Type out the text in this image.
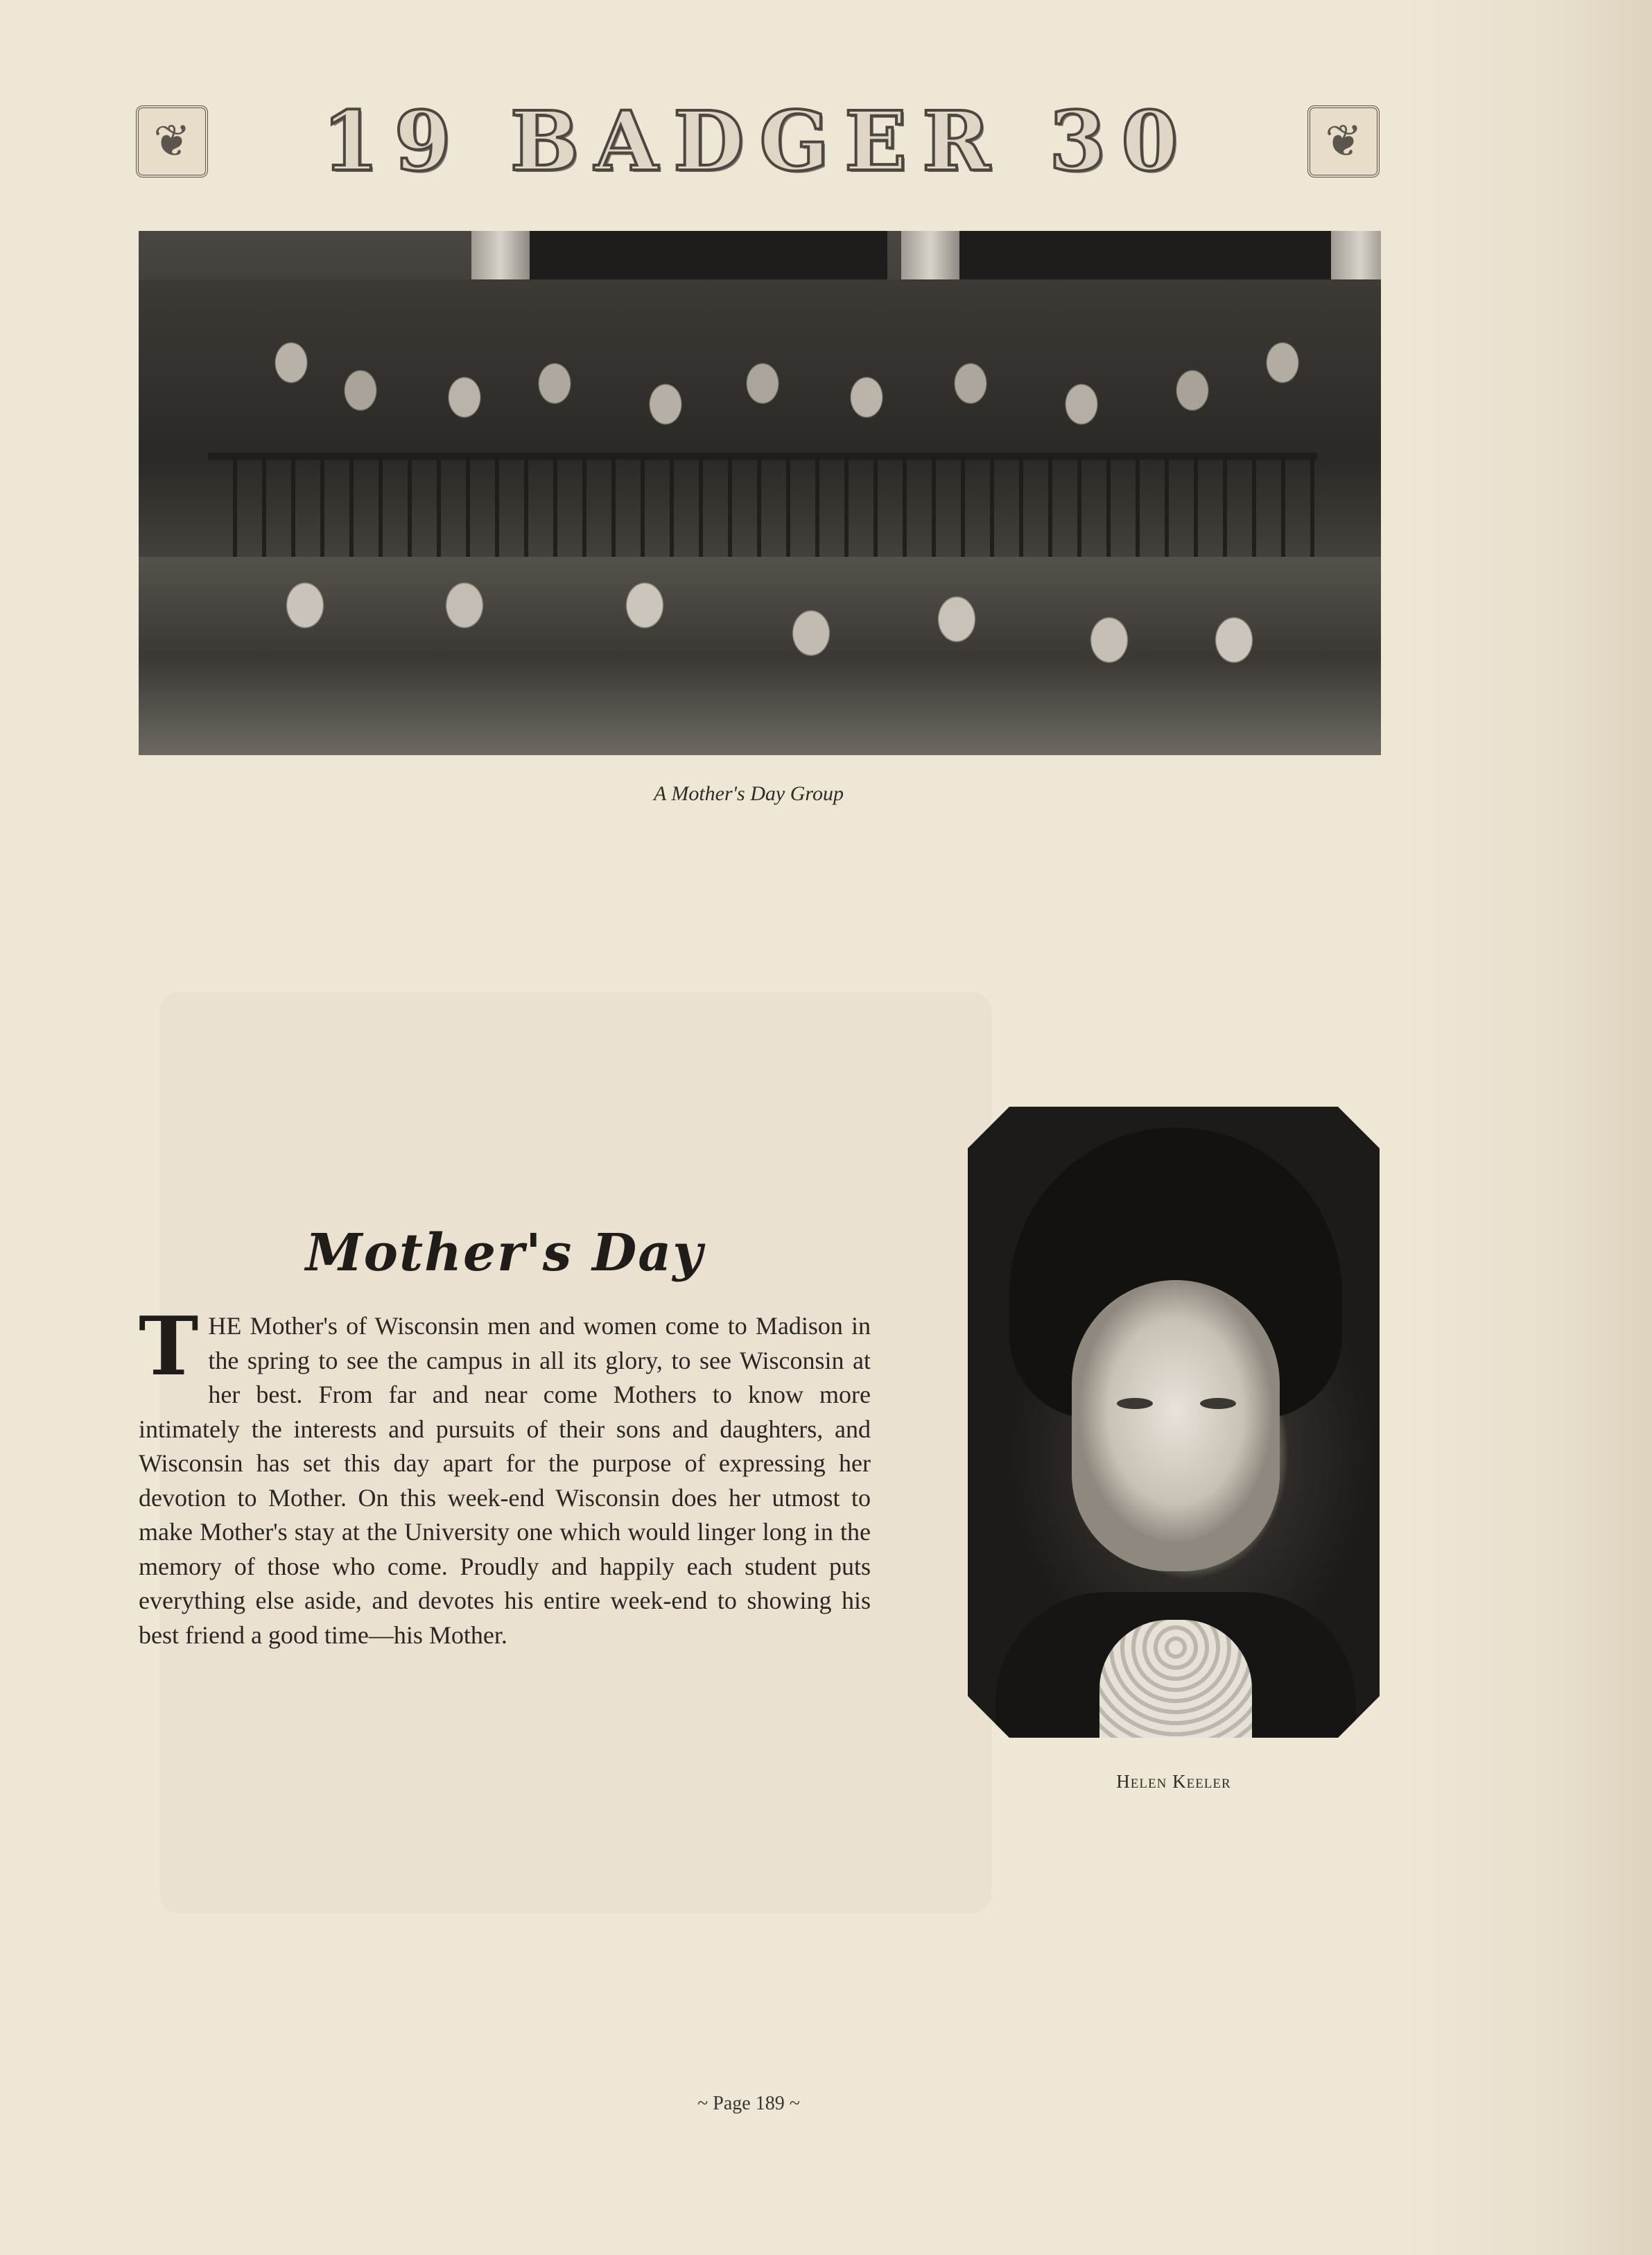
❦	19 BADGER 30	❦
A Mother's Day Group
Mother's Day
T HE Mother's of Wisconsin men and women come to Madison in the spring to see the campus in all its glory, to see Wisconsin at her best. From far and near come Mothers to know more intimately the interests and pursuits of their sons and daughters, and Wisconsin has set this day apart for the purpose of expressing her devotion to Mother. On this week-end Wisconsin does her utmost to make Mother's stay at the University one which would linger long in the memory of those who come. Proudly and happily each student puts everything else aside, and devotes his entire week-end to showing his best friend a good time—his Mother.
Helen Keeler
~ Page 189 ~
